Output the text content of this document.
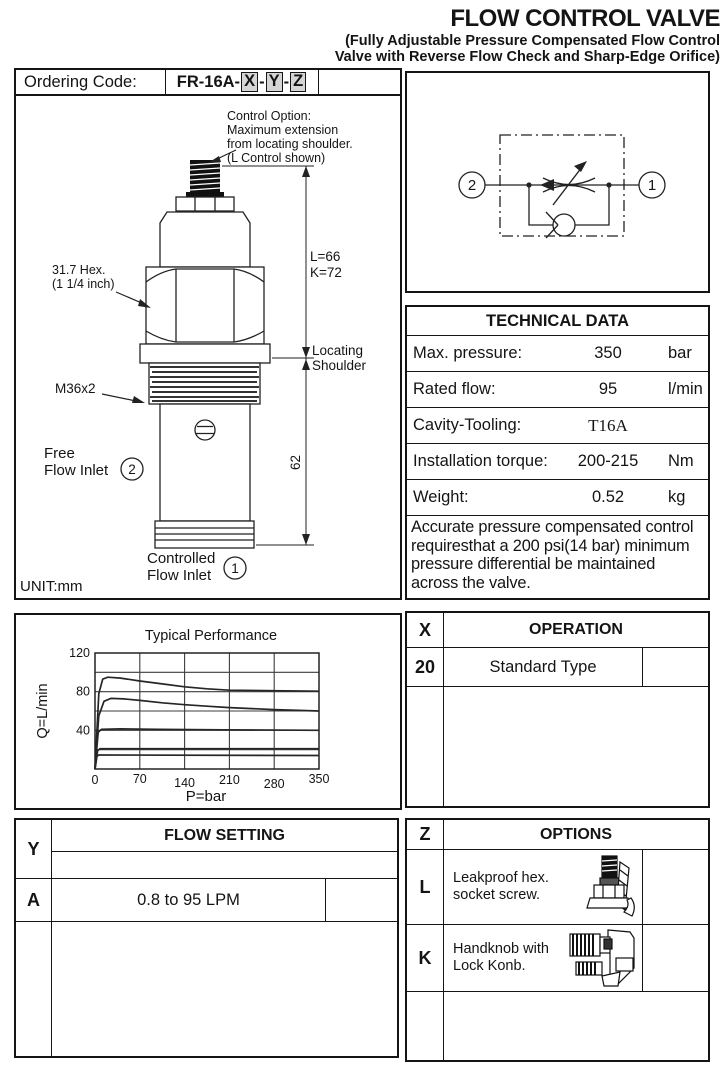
FLOW CONTROL VALVE
(Fully Adjustable Pressure Compensated Flow Control
Valve with Reverse Flow Check and Sharp-Edge Orifice)
Ordering Code:	FR-16A- X - Y - Z
Control Option:
Maximum extension
from locating shoulder.
(L Control shown)
31.7 Hex.
(1 1/4 inch)
L=66
K=72
Locating
Shoulder
M36x2
Free
Flow Inlet	62
Controlled
Flow Inlet
UNIT:mm
2
1
2	1
TECHNICAL DATA
Max. pressure:	350	bar
Rated flow:	95	l/min
Cavity-Tooling:	T16A
Installation torque:	200-215	Nm
Weight:	0.52	kg
Accurate pressure compensated control requiresthat a 200 psi(14 bar) minimum pressure differential be maintained across the valve.
X	OPERATION
20	Standard Type
Typical Performance
Q=L/min
P=bar
0	70 140 210 280 350
40
80
120
Y
FLOW SETTING
A	0.8 to 95 LPM
Z	OPTIONS
L	Leakproof hex.
socket screw.
K	Handknob with
Lock Konb.
